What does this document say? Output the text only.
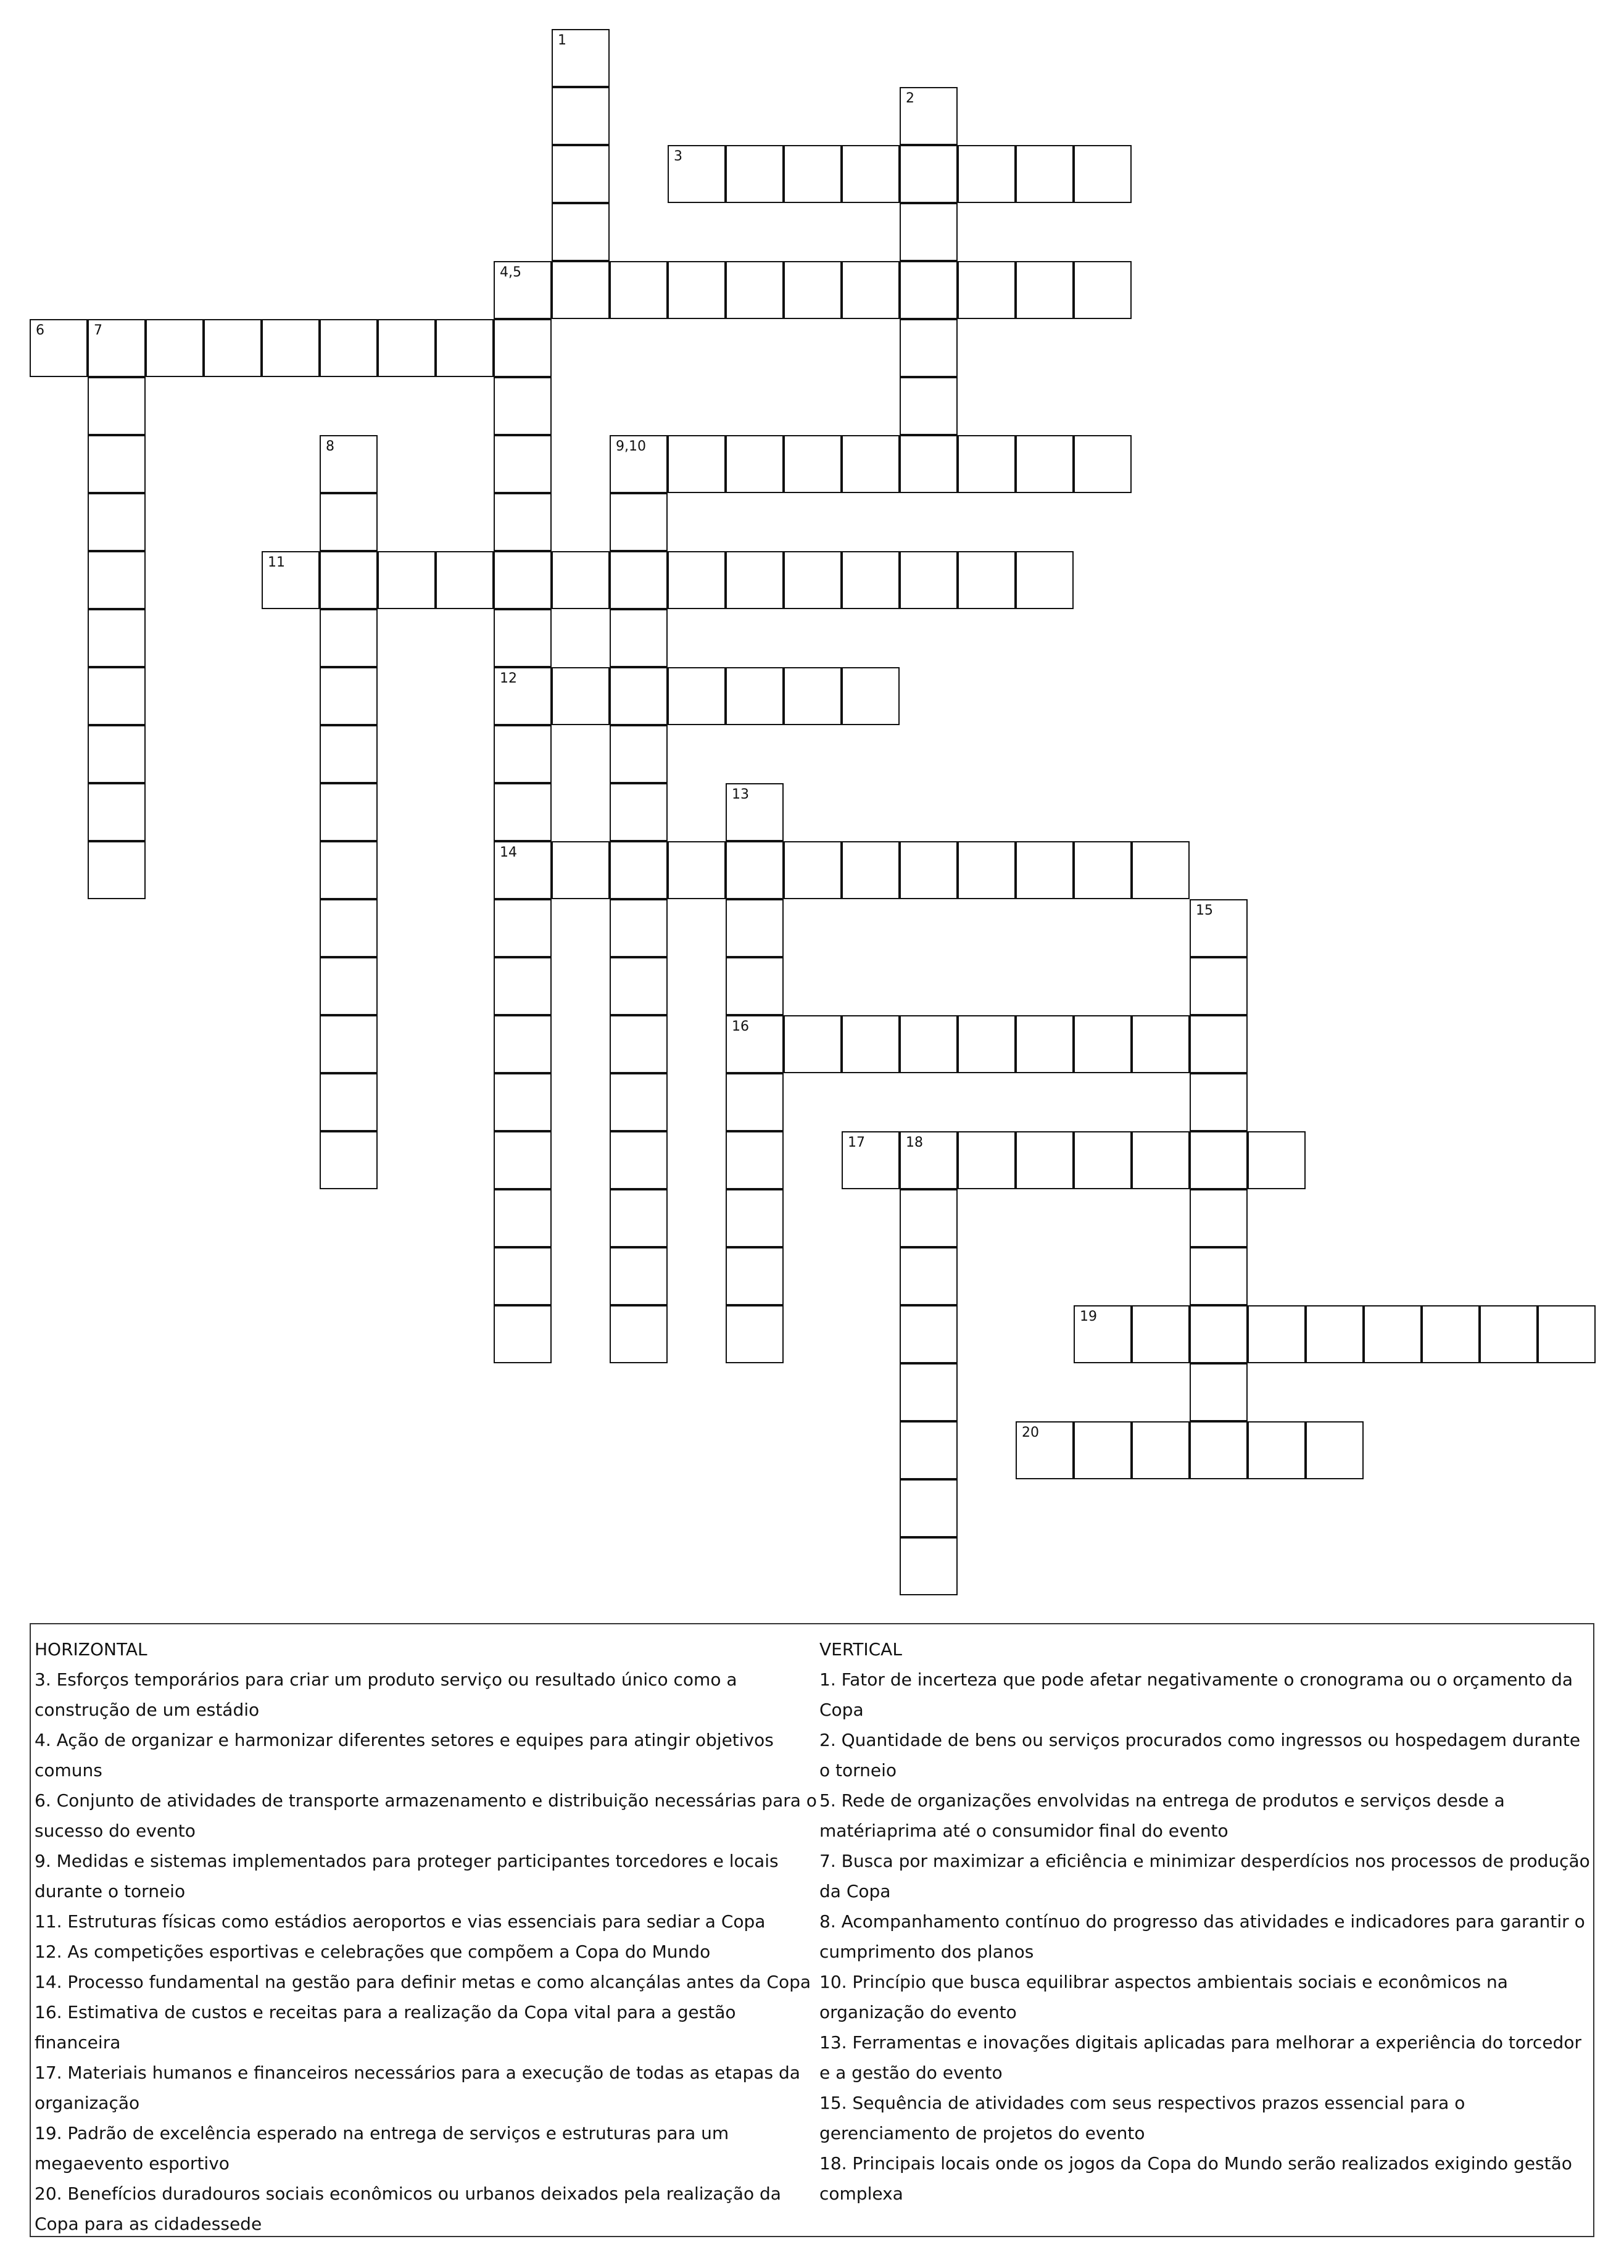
1
2
3
4,5
12
14
6	7
8	9,10
11
13
16
15
17	18
19
20
HORIZONTAL
3. Esforços temporários para criar um produto serviço ou resultado único como a construção de um estádio
4. Ação de organizar e harmonizar diferentes setores e equipes para atingir objetivos comuns
6. Conjunto de atividades de transporte armazenamento e distribuição necessárias para o sucesso do evento
9. Medidas e sistemas implementados para proteger participantes torcedores e locais durante o torneio
11. Estruturas físicas como estádios aeroportos e vias essenciais para sediar a Copa
12. As competições esportivas e celebrações que compõem a Copa do Mundo
14. Processo fundamental na gestão para definir metas e como alcançálas antes da Copa
16. Estimativa de custos e receitas para a realização da Copa vital para a gestão financeira
17. Materiais humanos e financeiros necessários para a execução de todas as etapas da organização
19. Padrão de excelência esperado na entrega de serviços e estruturas para um megaevento esportivo
20. Benefícios duradouros sociais econômicos ou urbanos deixados pela realização da Copa para as cidadessede
VERTICAL
1. Fator de incerteza que pode afetar negativamente o cronograma ou o orçamento da Copa
2. Quantidade de bens ou serviços procurados como ingressos ou hospedagem durante o torneio
5. Rede de organizações envolvidas na entrega de produtos e serviços desde a matériaprima até o consumidor final do evento
7. Busca por maximizar a eficiência e minimizar desperdícios nos processos de produção da Copa
8. Acompanhamento contínuo do progresso das atividades e indicadores para garantir o cumprimento dos planos
10. Princípio que busca equilibrar aspectos ambientais sociais e econômicos na organização do evento
13. Ferramentas e inovações digitais aplicadas para melhorar a experiência do torcedor e a gestão do evento
15. Sequência de atividades com seus respectivos prazos essencial para o gerenciamento de projetos do evento
18. Principais locais onde os jogos da Copa do Mundo serão realizados exigindo gestão complexa
